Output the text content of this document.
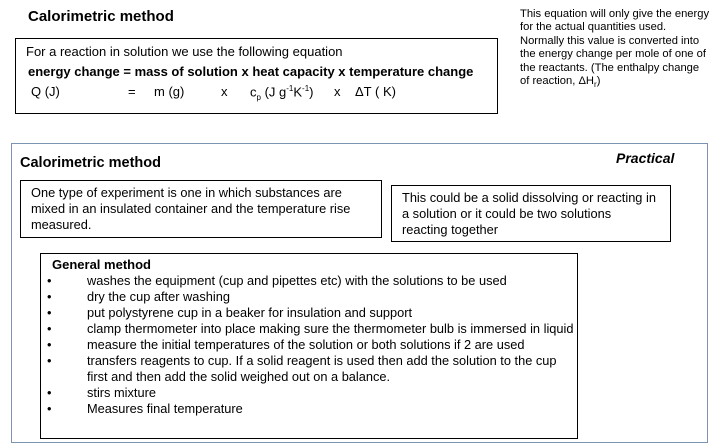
Calorimetric method
For a reaction in solution we use the following equation
energy change = mass of solution x heat capacity x temperature change
Q (J)	= m (g)	x $c_p$ (J $g^{-1}K^{-1}$) x ΔT ( K)
This equation will only give the energy for the actual quantities used. Normally this value is converted into the energy change per mole of one of the reactants. (The enthalpy change of reaction, $\Delta H_r$)
Calorimetric method	Practical
One type of experiment is one in which substances are mixed in an insulated container and the temperature rise measured.
This could be a solid dissolving or reacting in a solution or it could be two solutions reacting together
General method
•	washes the equipment (cup and pipettes etc) with the solutions to be used
•	dry the cup after washing
•	put polystyrene cup in a beaker for insulation and support
•	clamp thermometer into place making sure the thermometer bulb is immersed in liquid
•	measure the initial temperatures of the solution or both solutions if 2 are used
•	transfers reagents to cup. If a solid reagent is used then add the solution to the cup first and then add the solid weighed out on a balance.
•	stirs mixture
•	Measures final temperature
